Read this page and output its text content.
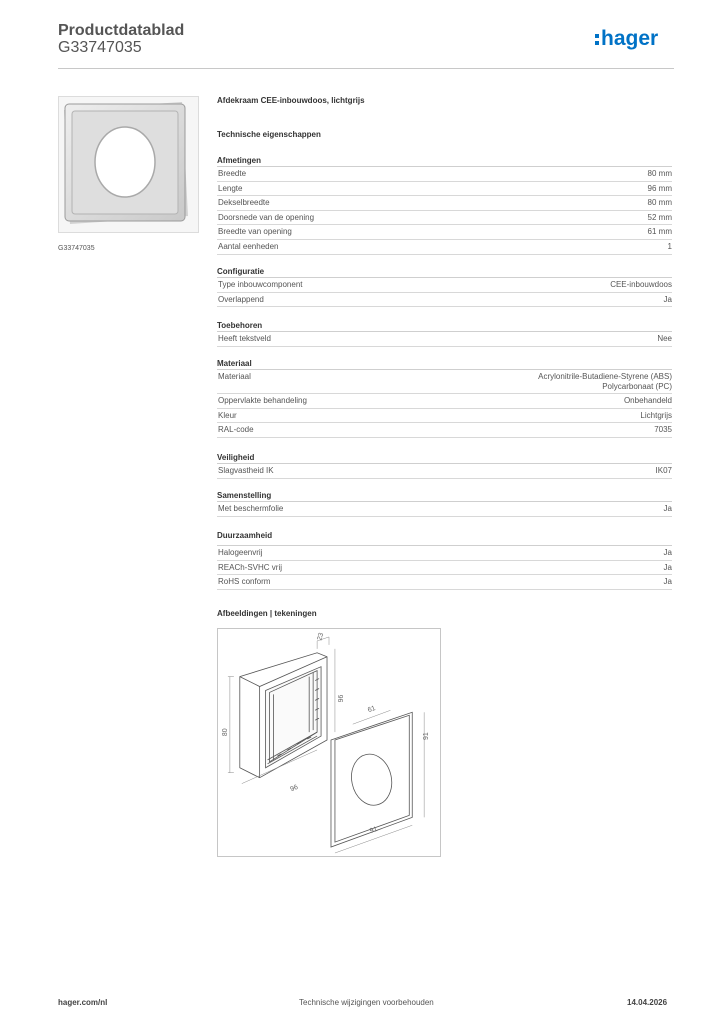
Productdatablad
G33747035	hager
G33747035
Afdekraam CEE-inbouwdoos, lichtgrijs
Technische eigenschappen
Afmetingen
Breedte	80 mm
Lengte	96 mm
Dekselbreedte	80 mm
Doorsnede van de opening	52 mm
Breedte van opening	61 mm
Aantal eenheden	1
Configuratie
Type inbouwcomponent	CEE-inbouwdoos
Overlappend	Ja
Toebehoren
Heeft tekstveld	Nee
Materiaal
Materiaal	Acrylonitrile-Butadiene-Styrene (ABS)
Polycarbonaat (PC)
Oppervlakte behandeling	Onbehandeld
Kleur	Lichtgrijs
RAL-code	7035
Veiligheid
Slagvastheid IK	IK07
Samenstelling
Met beschermfolie	Ja
Duurzaamheid
Halogeenvrij	Ja
REACh-SVHC vrij	Ja
RoHS conform	Ja
Afbeeldingen | tekeningen
23
80
96
96
61
91
91
hager.com/nl	Technische wijzigingen voorbehouden	14.04.2026
